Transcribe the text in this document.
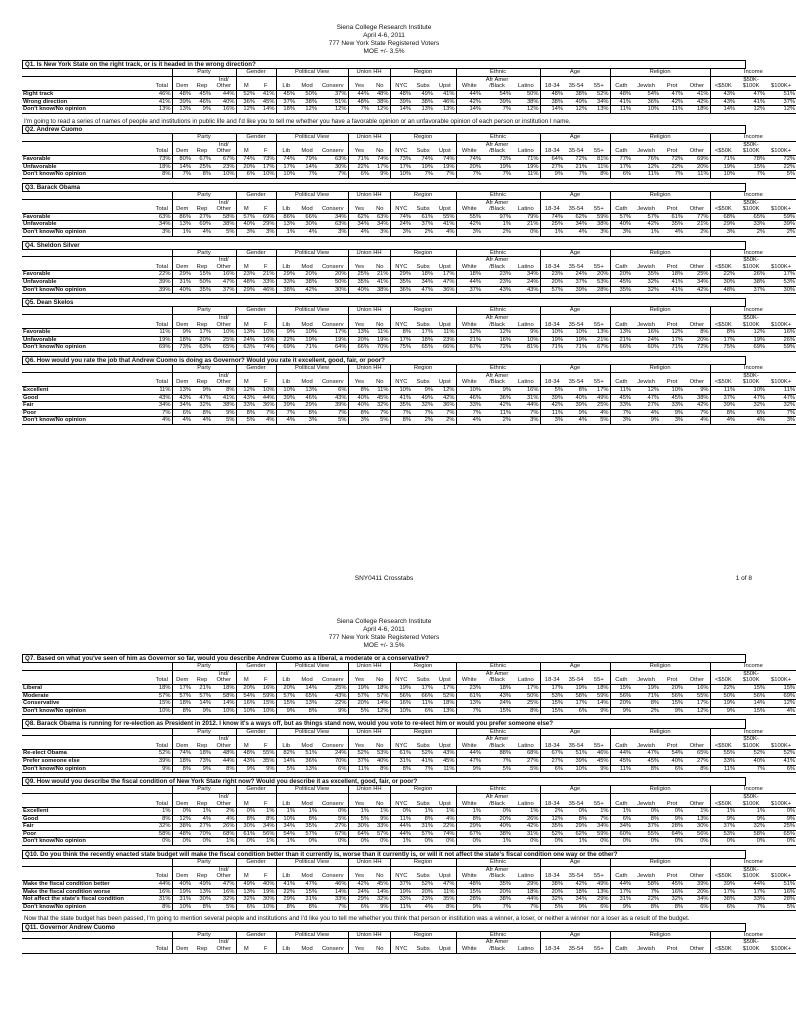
Siena College Research Institute
April 4-6, 2011
777 New York State Registered Voters
MOE +/- 3.5%
Q1. Is New York State on the right track, or is it headed in the wrong direction?
		Party			Gender		Political View			Union HH		Region			Ethnic			Age			Religion				Income		
				Ind/												Afr Amer										$50K-	
	Total	Dem	Rep	Other	M	F	Lib	Mod	Conserv	Yes	No	NYC	Subs	Upst	White	/Black	Latino	18-34	35-54	55+	Cath	Jewish	Prot	Other	<$50K	$100K	$100K+
Right track	46%	48%	45%	44%	52%	41%	45%	50%	37%	44%	48%	48%	49%	41%	44%	54%	50%	48%	38%	52%	48%	54%	47%	41%	43%	47%	51%
Wrong direction	41%	39%	46%	40%	36%	45%	37%	38%	51%	48%	38%	39%	38%	46%	42%	39%	38%	38%	49%	34%	41%	36%	42%	42%	43%	41%	37%
Don't know/No opinion	13%	13%	9%	16%	12%	14%	18%	12%	12%	7%	12%	14%	13%	13%	14%	7%	12%	14%	12%	13%	11%	10%	11%	18%	14%	12%	12%
I'm going to read a series of names of people and institutions in public life and I'd like you to tell me whether you have a favorable opinion or an unfavorable opinion of each person or institution I name.
Q2. Andrew Cuomo
		Party			Gender		Political View			Union HH		Region			Ethnic			Age			Religion				Income		
				Ind/												Afr Amer										$50K-	
	Total	Dem	Rep	Other	M	F	Lib	Mod	Conserv	Yes	No	NYC	Subs	Upst	White	/Black	Latino	18-34	35-54	55+	Cath	Jewish	Prot	Other	<$50K	$100K	$100K+
Favorable	73%	80%	67%	67%	74%	73%	74%	79%	63%	71%	74%	73%	74%	74%	74%	73%	71%	64%	72%	81%	77%	76%	72%	69%	71%	78%	72%
Unfavorable	18%	14%	25%	23%	20%	17%	17%	14%	30%	22%	17%	17%	19%	19%	20%	19%	19%	27%	21%	11%	17%	12%	22%	20%	19%	15%	22%
Don't know/No opinion	8%	7%	8%	10%	6%	10%	10%	7%	7%	6%	9%	10%	7%	7%	7%	7%	11%	9%	7%	8%	6%	11%	7%	11%	10%	7%	5%
Q3. Barack Obama
		Party			Gender		Political View			Union HH		Region			Ethnic			Age			Religion				Income		
				Ind/												Afr Amer										$50K-	
	Total	Dem	Rep	Other	M	F	Lib	Mod	Conserv	Yes	No	NYC	Subs	Upst	White	/Black	Latino	18-34	35-54	55+	Cath	Jewish	Prot	Other	<$50K	$100K	$100K+
Favorable	63%	86%	27%	58%	57%	69%	86%	66%	34%	62%	63%	74%	61%	55%	55%	97%	79%	74%	62%	59%	57%	57%	61%	77%	68%	65%	59%
Unfavorable	34%	13%	69%	38%	40%	29%	13%	30%	63%	34%	34%	24%	37%	41%	42%	1%	21%	25%	34%	38%	40%	42%	35%	21%	29%	33%	39%
Don't know/No opinion	3%	1%	4%	5%	3%	3%	1%	4%	3%	4%	3%	3%	2%	4%	3%	2%	0%	1%	4%	3%	3%	1%	4%	2%	3%	2%	2%
Q4. Sheldon Silver
		Party			Gender		Political View			Union HH		Region			Ethnic			Age			Religion				Income		
				Ind/												Afr Amer										$50K-	
	Total	Dem	Rep	Other	M	F	Lib	Mod	Conserv	Yes	No	NYC	Subs	Upst	White	/Black	Latino	18-34	35-54	55+	Cath	Jewish	Prot	Other	<$50K	$100K	$100K+
Favorable	22%	29%	15%	16%	23%	21%	29%	20%	20%	25%	21%	29%	18%	17%	18%	23%	34%	23%	24%	20%	20%	35%	18%	25%	22%	26%	17%
Unfavorable	39%	31%	50%	47%	48%	33%	33%	38%	50%	35%	41%	35%	34%	47%	44%	23%	24%	20%	37%	53%	45%	32%	41%	34%	30%	38%	53%
Don't know/No opinion	39%	40%	35%	37%	29%	46%	38%	42%	30%	40%	38%	36%	47%	36%	37%	43%	43%	57%	39%	28%	35%	32%	41%	42%	48%	37%	30%
Q5. Dean Skelos
		Party			Gender		Political View			Union HH		Region			Ethnic			Age			Religion				Income		
				Ind/												Afr Amer										$50K-	
	Total	Dem	Rep	Other	M	F	Lib	Mod	Conserv	Yes	No	NYC	Subs	Upst	White	/Black	Latino	18-34	35-54	55+	Cath	Jewish	Prot	Other	<$50K	$100K	$100K+
Favorable	11%	9%	17%	10%	13%	10%	9%	10%	17%	13%	11%	8%	17%	11%	12%	12%	9%	10%	10%	13%	13%	16%	12%	8%	8%	12%	16%
Unfavorable	19%	18%	20%	25%	24%	16%	22%	19%	19%	20%	19%	17%	18%	23%	21%	16%	10%	19%	19%	21%	21%	24%	17%	20%	17%	19%	26%
Don't know/No opinion	69%	73%	63%	65%	63%	74%	69%	71%	64%	66%	70%	75%	65%	66%	67%	72%	81%	71%	71%	67%	66%	60%	71%	72%	75%	69%	59%
Q6. How would you rate the job that Andrew Cuomo is doing as Governor? Would you rate it excellent, good, fair, or poor?
		Party			Gender		Political View			Union HH		Region			Ethnic			Age			Religion				Income		
				Ind/												Afr Amer										$50K-	
	Total	Dem	Rep	Other	M	F	Lib	Mod	Conserv	Yes	No	NYC	Subs	Upst	White	/Black	Latino	18-34	35-54	55+	Cath	Jewish	Prot	Other	<$50K	$100K	$100K+
Excellent	11%	13%	9%	8%	12%	10%	10%	13%	6%	8%	11%	10%	9%	12%	10%	9%	16%	5%	8%	17%	11%	12%	10%	9%	11%	10%	11%
Good	43%	43%	47%	41%	43%	44%	39%	46%	43%	40%	45%	41%	49%	42%	46%	36%	31%	39%	40%	49%	45%	47%	45%	38%	37%	47%	47%
Fair	34%	34%	32%	38%	33%	36%	39%	29%	39%	40%	32%	35%	32%	36%	33%	42%	44%	42%	39%	25%	33%	27%	33%	42%	39%	32%	32%
Poor	7%	6%	8%	9%	8%	7%	7%	8%	7%	8%	7%	7%	7%	7%	7%	11%	7%	11%	9%	4%	7%	4%	9%	7%	8%	6%	7%
Don't know/No opinion	4%	4%	4%	5%	5%	4%	4%	3%	5%	3%	5%	8%	2%	2%	4%	2%	3%	3%	4%	5%	3%	9%	3%	4%	4%	4%	3%
SNY0411 Crosstabs	1 of 8
Siena College Research Institute
April 4-6, 2011
777 New York State Registered Voters
MOE +/- 3.5%
Q7. Based on what you've seen of him as Governor so far, would you describe Andrew Cuomo as a liberal, a moderate or a conservative?
		Party			Gender		Political View			Union HH		Region			Ethnic			Age			Religion				Income		
				Ind/												Afr Amer										$50K-	
	Total	Dem	Rep	Other	M	F	Lib	Mod	Conserv	Yes	No	NYC	Subs	Upst	White	/Black	Latino	18-34	35-54	55+	Cath	Jewish	Prot	Other	<$50K	$100K	$100K+
Liberal	18%	17%	21%	18%	20%	16%	20%	14%	25%	19%	18%	19%	17%	17%	23%	18%	17%	17%	19%	18%	15%	19%	20%	16%	22%	15%	15%
Moderate	57%	57%	57%	58%	54%	59%	57%	65%	43%	57%	57%	56%	66%	52%	61%	43%	50%	53%	58%	59%	56%	71%	56%	55%	50%	56%	69%
Conservative	15%	18%	14%	14%	16%	15%	15%	13%	22%	20%	14%	16%	11%	18%	13%	24%	25%	15%	17%	14%	20%	8%	15%	17%	19%	14%	12%
Don't know/No opinion	10%	8%	9%	10%	10%	10%	9%	8%	9%	5%	12%	10%	6%	13%	7%	15%	8%	15%	6%	9%	9%	2%	9%	12%	9%	15%	4%
Q8. Barack Obama is running for re-election as President in 2012. I know it's a ways off, but as things stand now, would you vote to re-elect him or would you prefer someone else?
		Party			Gender		Political View			Union HH		Region			Ethnic			Age			Religion				Income		
				Ind/												Afr Amer										$50K-	
	Total	Dem	Rep	Other	M	F	Lib	Mod	Conserv	Yes	No	NYC	Subs	Upst	White	/Black	Latino	18-34	35-54	55+	Cath	Jewish	Prot	Other	<$50K	$100K	$100K+
Re-elect Obama	52%	74%	18%	48%	48%	55%	82%	51%	24%	52%	53%	61%	52%	43%	44%	88%	68%	67%	51%	46%	44%	47%	54%	65%	55%	52%	52%
Prefer someone else	39%	18%	73%	44%	43%	35%	14%	36%	70%	37%	40%	31%	41%	45%	47%	7%	27%	27%	39%	45%	45%	45%	40%	27%	33%	40%	41%
Don't know/No opinion	9%	8%	9%	8%	9%	9%	5%	13%	6%	11%	8%	8%	7%	11%	9%	5%	5%	6%	10%	9%	11%	8%	6%	8%	11%	7%	6%
Q9. How would you describe the fiscal condition of New York State right now? Would you describe it as excellent, good, fair, or poor?
		Party			Gender		Political View			Union HH		Region			Ethnic			Age			Religion				Income		
				Ind/												Afr Amer										$50K-	
	Total	Dem	Rep	Other	M	F	Lib	Mod	Conserv	Yes	No	NYC	Subs	Upst	White	/Black	Latino	18-34	35-54	55+	Cath	Jewish	Prot	Other	<$50K	$100K	$100K+
Excellent	1%	0%	1%	2%	0%	1%	1%	1%	0%	1%	1%	0%	1%	1%	1%	0%	1%	2%	0%	1%	1%	0%	0%	1%	1%	1%	0%
Good	8%	12%	4%	4%	8%	8%	10%	8%	5%	5%	9%	11%	8%	4%	8%	20%	26%	12%	8%	7%	6%	8%	9%	13%	9%	9%	9%
Fair	32%	38%	27%	26%	30%	34%	34%	35%	27%	30%	33%	44%	31%	22%	29%	40%	42%	35%	29%	34%	34%	37%	28%	30%	37%	32%	25%
Poor	58%	48%	70%	68%	61%	56%	54%	57%	67%	64%	57%	44%	57%	74%	67%	38%	31%	52%	62%	59%	60%	55%	64%	56%	53%	58%	65%
Don't know/No opinion	0%	0%	0%	1%	0%	1%	1%	0%	0%	0%	0%	1%	0%	0%	0%	1%	0%	0%	1%	0%	0%	0%	0%	0%	0%	0%	0%
Q10. Do you think the recently enacted state budget will make the fiscal condition better than it currently is, worse than it currently is, or will it not affect the state's fiscal condition one way or the other?
		Party			Gender		Political View			Union HH		Region			Ethnic			Age			Religion				Income		
				Ind/												Afr Amer										$50K-	
	Total	Dem	Rep	Other	M	F	Lib	Mod	Conserv	Yes	No	NYC	Subs	Upst	White	/Black	Latino	18-34	35-54	55+	Cath	Jewish	Prot	Other	<$50K	$100K	$100K+
Make the fiscal condition better	44%	40%	49%	47%	49%	40%	41%	47%	46%	42%	45%	37%	52%	47%	48%	35%	29%	38%	42%	49%	44%	58%	45%	39%	39%	44%	51%
Make the fiscal condition worse	16%	19%	13%	16%	13%	19%	22%	15%	14%	24%	14%	19%	20%	11%	15%	20%	18%	20%	18%	13%	17%	7%	16%	20%	17%	17%	16%
Not affect the state's fiscal condition	31%	31%	30%	32%	32%	30%	29%	31%	33%	29%	32%	33%	23%	35%	28%	38%	44%	32%	34%	29%	31%	22%	32%	34%	38%	33%	28%
Don't know/No opinion	8%	10%	8%	5%	6%	10%	8%	8%	7%	6%	9%	11%	4%	8%	9%	7%	7%	5%	9%	6%	9%	8%	8%	6%	6%	7%	5%
Now that the state budget has been passed, I'm going to mention several people and institutions and I'd like you to tell me whether you think that person or institution was a winner, a loser, or neither a winner nor a loser as a result of the budget.
Q11. Governor Andrew Cuomo
		Party			Gender		Political View			Union HH		Region			Ethnic			Age			Religion				Income		
				Ind/												Afr Amer										$50K-	
	Total	Dem	Rep	Other	M	F	Lib	Mod	Conserv	Yes	No	NYC	Subs	Upst	White	/Black	Latino	18-34	35-54	55+	Cath	Jewish	Prot	Other	<$50K	$100K	$100K+
